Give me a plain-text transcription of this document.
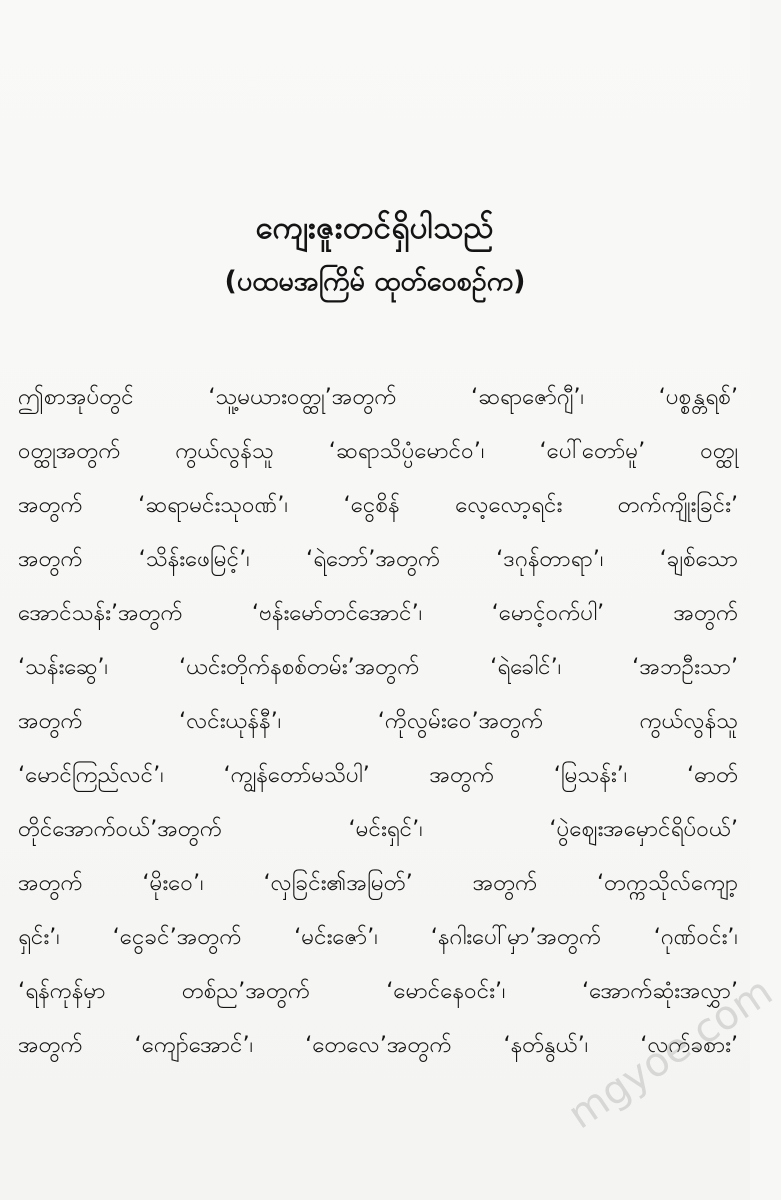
ကျေးဇူးတင်ရှိပါသည်
(ပထမအကြိမ် ထုတ်ဝေစဉ်က)
ဤစာအုပ်တွင် ‘သူ့မယားဝတ္ထု’အတွက် ‘ဆရာဇော်ဂျီ’၊ ‘ပစ္စန္တရစ်’
ဝတ္ထုအတွက် ကွယ်လွန်သူ ‘ဆရာသိပ္ပံမောင်ဝ’၊ ‘ပေါ်တော်မူ’ ဝတ္ထု
အတွက် ‘ဆရာမင်းသုဝဏ်’၊ ‘ငွေစိန် လေ့လော့ရင်း တက်ကျိုးခြင်း’
အတွက် ‘သိန်းဖေမြင့်’၊ ‘ရဲဘော်’အတွက် ‘ဒဂုန်တာရာ’၊ ‘ချစ်သော
အောင်သန်း’အတွက် ‘ဗန်းမော်တင်အောင်’၊ ‘မောင့်ဝက်ပါ’ အတွက်
‘သန်းဆွေ’၊ ‘ယင်းတိုက်နစစ်တမ်း’အတွက် ‘ရဲခေါင်’၊ ‘အဘဦးသာ’
အတွက် ‘လင်းယုန်နီ’၊ ‘ကိုလွမ်းဝေ’အတွက် ကွယ်လွန်သူ
‘မောင်ကြည်လင်’၊ ‘ကျွန်တော်မသိပါ’ အတွက် ‘မြသန်း’၊ ‘ဓာတ်
တိုင်အောက်ဝယ်’အတွက် ‘မင်းရှင်’၊ ‘ပွဲဈေးအမှောင်ရိပ်ဝယ်’
အတွက် ‘မိုးဝေ’၊ ‘လှခြင်း၏အမြတ်’ အတွက် ‘တက္ကသိုလ်ကျော့
ရှင်း’၊ ‘ငွေခင်’အတွက် ‘မင်းဇော်’၊ ‘နဂါးပေါ်မှာ’အတွက် ‘ဂုဏ်ဝင်း’၊
‘ရန်ကုန်မှာ တစ်ည’အတွက် ‘မောင်နေဝင်း’၊ ‘အောက်ဆုံးအလွှာ’
အတွက် ‘ကျော်အောင်’၊ ‘တေလေ’အတွက် ‘နတ်နွယ်’၊ ‘လက်ခစား’
mgyoe.com
